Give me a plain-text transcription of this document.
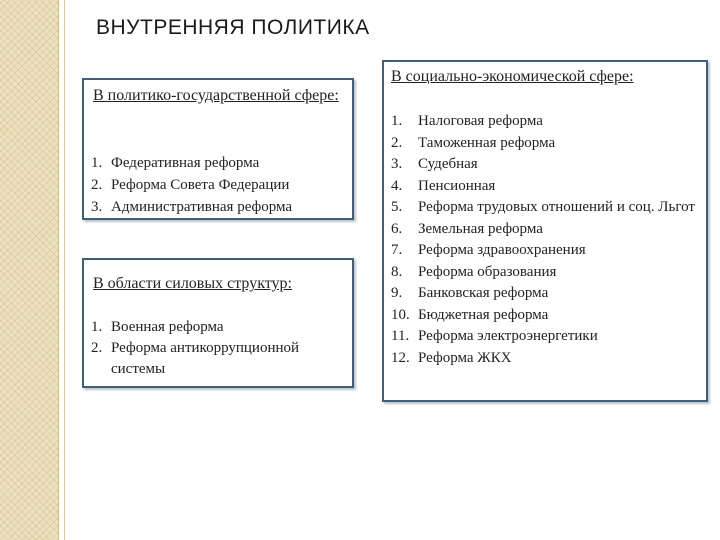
ВНУТРЕННЯЯ ПОЛИТИКА
В политико-государственной сфере:
1. Федеративная реформа
2. Реформа Совета Федерации
3. Административная реформа
В области силовых структур:
1. Военная реформа
2. Реформа антикоррупционной системы
В социально-экономической сфере:
1. Налоговая реформа
2. Таможенная реформа
3. Судебная
4. Пенсионная
5. Реформа трудовых отношений и соц. Льгот
6. Земельная реформа
7. Реформа здравоохранения
8. Реформа образования
9. Банковская реформа
10. Бюджетная реформа
11. Реформа электроэнергетики
12. Реформа ЖКХ
